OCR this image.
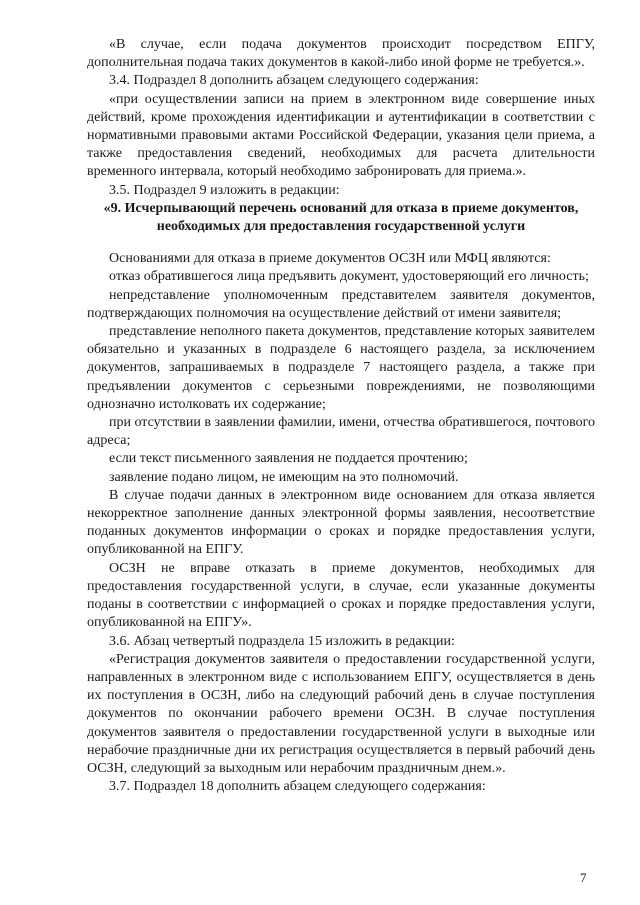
«В случае, если подача документов происходит посредством ЕПГУ, дополнительная подача таких документов в какой-либо иной форме не требуется.».

3.4. Подраздел 8 дополнить абзацем следующего содержания:

«при осуществлении записи на прием в электронном виде совершение иных действий, кроме прохождения идентификации и аутентификации в соответствии с нормативными правовыми актами Российской Федерации, указания цели приема, а также предоставления сведений, необходимых для расчета длительности временного интервала, который необходимо забронировать для приема.».

3.5. Подраздел 9 изложить в редакции:

«9. Исчерпывающий перечень оснований для отказа в приеме документов, необходимых для предоставления государственной услуги

Основаниями для отказа в приеме документов ОСЗН или МФЦ являются:

отказ обратившегося лица предъявить документ, удостоверяющий его личность;

непредставление уполномоченным представителем заявителя документов, подтверждающих полномочия на осуществление действий от имени заявителя;

представление неполного пакета документов, представление которых заявителем обязательно и указанных в подразделе 6 настоящего раздела, за исключением документов, запрашиваемых в подразделе 7 настоящего раздела, а также при предъявлении документов с серьезными повреждениями, не позволяющими однозначно истолковать их содержание;

при отсутствии в заявлении фамилии, имени, отчества обратившегося, почтового адреса;

если текст письменного заявления не поддается прочтению;

заявление подано лицом, не имеющим на это полномочий.

В случае подачи данных в электронном виде основанием для отказа является некорректное заполнение данных электронной формы заявления, несоответствие поданных документов информации о сроках и порядке предоставления услуги, опубликованной на ЕПГУ.

ОСЗН не вправе отказать в приеме документов, необходимых для предоставления государственной услуги, в случае, если указанные документы поданы в соответствии с информацией о сроках и порядке предоставления услуги, опубликованной на ЕПГУ».

3.6. Абзац четвертый подраздела 15 изложить в редакции:

«Регистрация документов заявителя о предоставлении государственной услуги, направленных в электронном виде с использованием ЕПГУ, осуществляется в день их поступления в ОСЗН, либо на следующий рабочий день в случае поступления документов по окончании рабочего времени ОСЗН. В случае поступления документов заявителя о предоставлении государственной услуги в выходные или нерабочие праздничные дни их регистрация осуществляется в первый рабочий день ОСЗН, следующий за выходным или нерабочим праздничным днем.».

3.7. Подраздел 18 дополнить абзацем следующего содержания:

7
